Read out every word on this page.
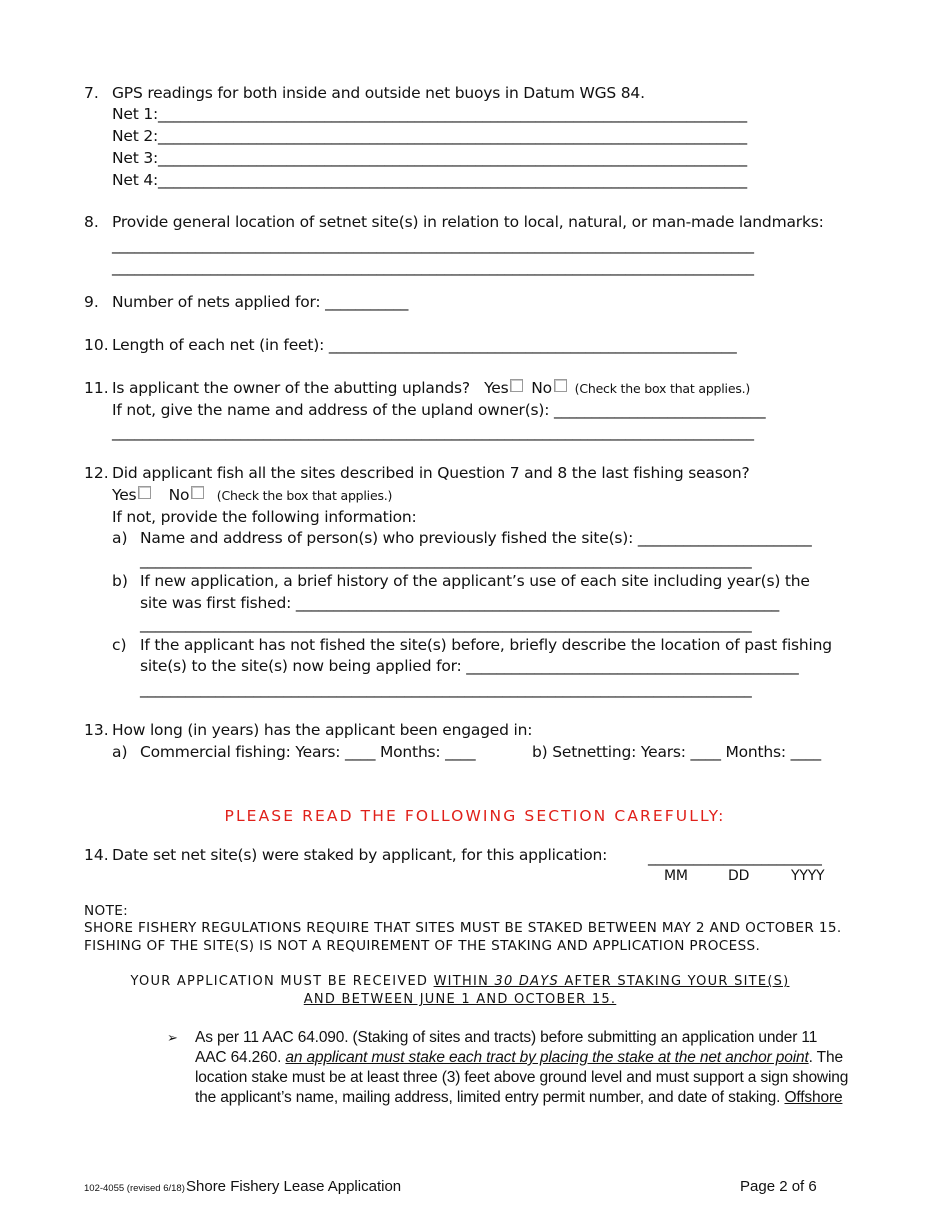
7. GPS readings for both inside and outside net buoys in Datum WGS 84.
Net 1:______________________________________________________________________________
Net 2:______________________________________________________________________________
Net 3:______________________________________________________________________________
Net 4:______________________________________________________________________________
8. Provide general location of setnet site(s) in relation to local, natural, or man-made landmarks:
_____________________________________________________________________________________
_____________________________________________________________________________________
9. Number of nets applied for: ___________
10. Length of each net (in feet): ______________________________________________________
11. Is applicant the owner of the abutting uplands? Yes No (Check the box that applies.)
If not, give the name and address of the upland owner(s): ____________________________
_____________________________________________________________________________________
12. Did applicant fish all the sites described in Question 7 and 8 the last fishing season?
Yes No (Check the box that applies.)
If not, provide the following information:
a) Name and address of person(s) who previously fished the site(s): _______________________
_________________________________________________________________________________
b) If new application, a brief history of the applicant’s use of each site including year(s) the
site was first fished: ________________________________________________________________
_________________________________________________________________________________
c) If the applicant has not fished the site(s) before, briefly describe the location of past fishing
site(s) to the site(s) now being applied for: ____________________________________________
_________________________________________________________________________________
13. How long (in years) has the applicant been engaged in:
a) Commercial fishing: Years: ____ Months: ____	b) Setnetting: Years: ____ Months: ____
PLEASE READ THE FOLLOWING SECTION CAREFULLY:
14. Date set net site(s) were staked by applicant, for this application:	_______________________
MM	DD	YYYY
NOTE:
SHORE FISHERY REGULATIONS REQUIRE THAT SITES MUST BE STAKED BETWEEN MAY 2 AND OCTOBER 15.
FISHING OF THE SITE(S) IS NOT A REQUIREMENT OF THE STAKING AND APPLICATION PROCESS.
YOUR APPLICATION MUST BE RECEIVED WITHIN 30 DAYS AFTER STAKING YOUR SITE(S)
AND BETWEEN JUNE 1 AND OCTOBER 15.
➢ As per 11 AAC 64.090. (Staking of sites and tracts) before submitting an application under 11
AAC 64.260. an applicant must stake each tract by placing the stake at the net anchor point. The
location stake must be at least three (3) feet above ground level and must support a sign showing
the applicant’s name, mailing address, limited entry permit number, and date of staking. Offshore
102-4055 (revised 6/18) Shore Fishery Lease Application	Page 2 of 6
